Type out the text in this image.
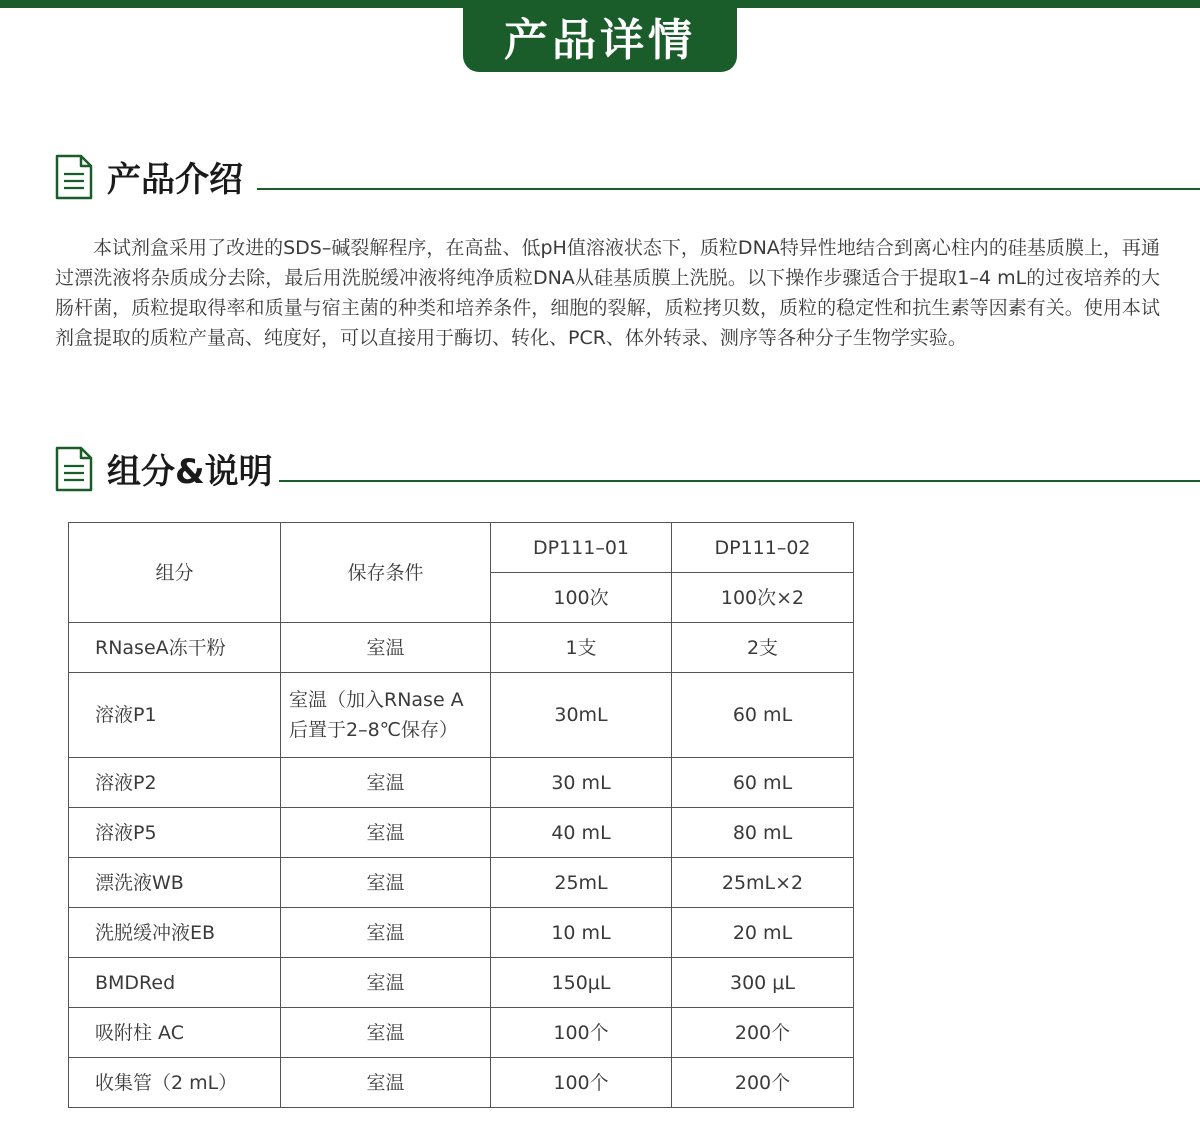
产品详情
产品介绍

本试剂盒采用了改进的SDS–碱裂解程序，在高盐、低pH值溶液状态下，质粒DNA特异性地结合到离心柱内的硅基质膜上，再通过漂洗液将杂质成分去除，最后用洗脱缓冲液将纯净质粒DNA从硅基质膜上洗脱。以下操作步骤适合于提取1–4 mL的过夜培养的大肠杆菌，质粒提取得率和质量与宿主菌的种类和培养条件，细胞的裂解，质粒拷贝数，质粒的稳定性和抗生素等因素有关。使用本试剂盒提取的质粒产量高、纯度好，可以直接用于酶切、转化、PCR、体外转录、测序等各种分子生物学实验。

组分&说明
组分	保存条件	DP111–01	DP111–02
		100次	100次×2
RNaseA冻干粉	室温	1支	2支
溶液P1	室温（加入RNase A后置于2–8℃保存）	30mL	60 mL
溶液P2	室温	30 mL	60 mL
溶液P5	室温	40 mL	80 mL
漂洗液WB	室温	25mL	25mL×2
洗脱缓冲液EB	室温	10 mL	20 mL
BMDRed	室温	150μL	300 μL
吸附柱 AC	室温	100个	200个
收集管（2 mL）	室温	100个	200个
